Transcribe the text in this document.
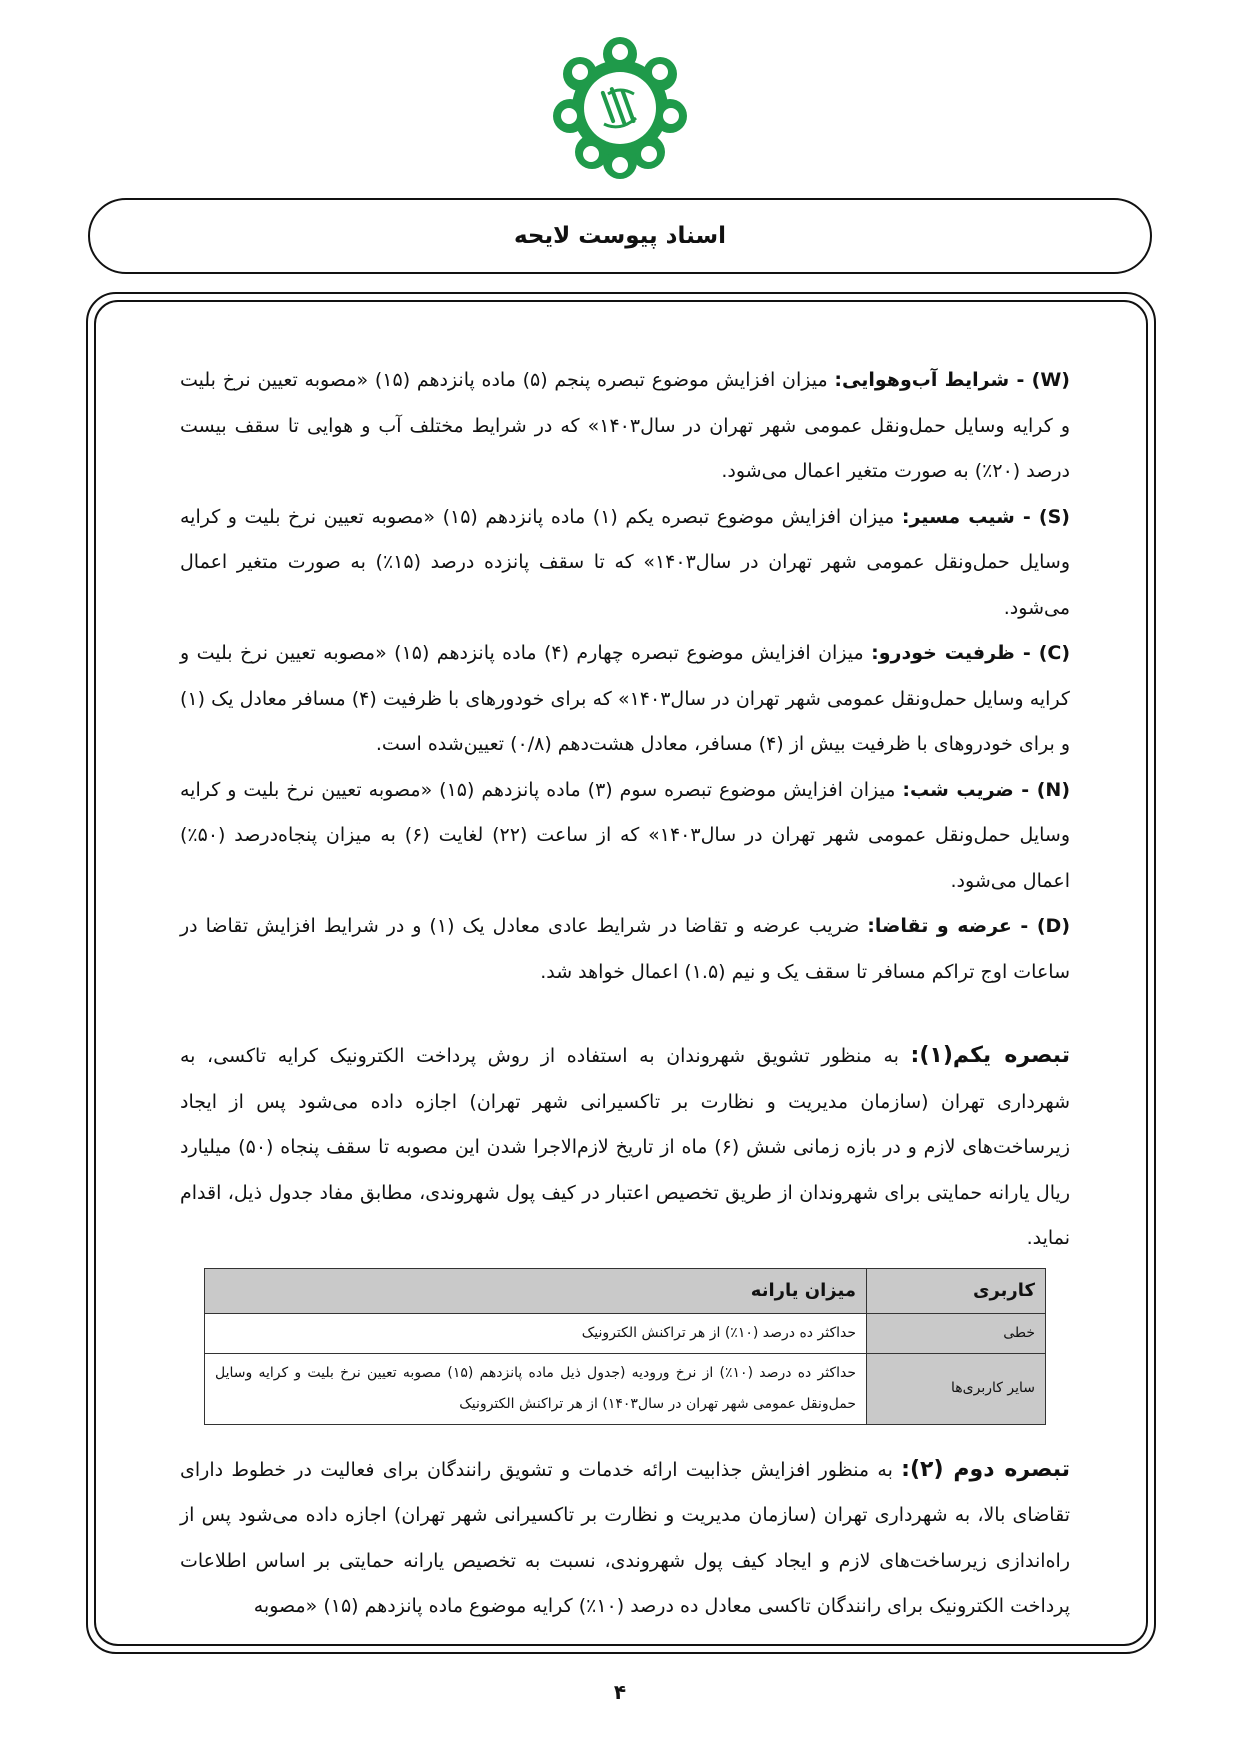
اسناد پیوست لایحه

(W) - شرایط آب‌وهوایی: میزان افزایش موضوع تبصره پنجم (۵) ماده پانزدهم (۱۵) «مصوبه تعیین نرخ بلیت و کرایه وسایل حمل‌ونقل عمومی شهر تهران در سال۱۴۰۳» که در شرایط مختلف آب و هوایی تا سقف بیست درصد (۲۰٪) به صورت متغیر اعمال می‌شود.

(S) - شیب مسیر: میزان افزایش موضوع تبصره یکم (۱) ماده پانزدهم (۱۵) «مصوبه تعیین نرخ بلیت و کرایه وسایل حمل‌ونقل عمومی شهر تهران در سال۱۴۰۳» که تا سقف پانزده درصد (۱۵٪) به صورت متغیر اعمال می‌شود.

(C) - ظرفیت خودرو: میزان افزایش موضوع تبصره چهارم (۴) ماده پانزدهم (۱۵) «مصوبه تعیین نرخ بلیت و کرایه وسایل حمل‌ونقل عمومی شهر تهران در سال۱۴۰۳» که برای خودورهای با ظرفیت (۴) مسافر معادل یک (۱) و برای خودروهای با ظرفیت بیش از (۴) مسافر، معادل هشت‌دهم (۰/۸) تعیین‌شده است.

(N) - ضریب شب: میزان افزایش موضوع تبصره سوم (۳) ماده پانزدهم (۱۵) «مصوبه تعیین نرخ بلیت و کرایه وسایل حمل‌ونقل عمومی شهر تهران در سال۱۴۰۳» که از ساعت (۲۲) لغایت (۶) به میزان پنجاه‌درصد (۵۰٪) اعمال می‌شود.

(D) - عرضه و تقاضا: ضریب عرضه و تقاضا در شرایط عادی معادل یک (۱) و در شرایط افزایش تقاضا در ساعات اوج تراکم مسافر تا سقف یک و نیم (۱.۵) اعمال خواهد شد.

تبصره یکم(۱): به منظور تشویق شهروندان به استفاده از روش پرداخت الکترونیک کرایه تاکسی، به شهرداری تهران (سازمان مدیریت و نظارت بر تاکسیرانی شهر تهران) اجازه داده می‌شود پس از ایجاد زیرساخت‌های لازم و در بازه زمانی شش (۶) ماه از تاریخ لازم‌الاجرا شدن این مصوبه تا سقف پنجاه (۵۰) میلیارد ریال یارانه حمایتی برای شهروندان از طریق تخصیص اعتبار در کیف پول شهروندی، مطابق مفاد جدول ذیل، اقدام نماید.

کاربری	میزان یارانه
خطی	حداکثر ده درصد (۱۰٪) از هر تراکنش الکترونیک
سایر کاربری‌ها	حداکثر ده درصد (۱۰٪) از نرخ ورودیه (جدول ذیل ماده پانزدهم (۱۵) مصوبه تعیین نرخ بلیت و کرایه وسایل حمل‌ونقل عمومی شهر تهران در سال۱۴۰۳) از هر تراکنش الکترونیک

تبصره دوم (۲): به منظور افزایش جذابیت ارائه خدمات و تشویق رانندگان برای فعالیت در خطوط دارای تقاضای بالا، به شهرداری تهران (سازمان مدیریت و نظارت بر تاکسیرانی شهر تهران) اجازه داده می‌شود پس از راه‌اندازی زیرساخت‌های لازم و ایجاد کیف پول شهروندی، نسبت به تخصیص یارانه حمایتی بر اساس اطلاعات پرداخت الکترونیک برای رانندگان تاکسی معادل ده درصد (۱۰٪) کرایه موضوع ماده پانزدهم (۱۵) «مصوبه

۴
